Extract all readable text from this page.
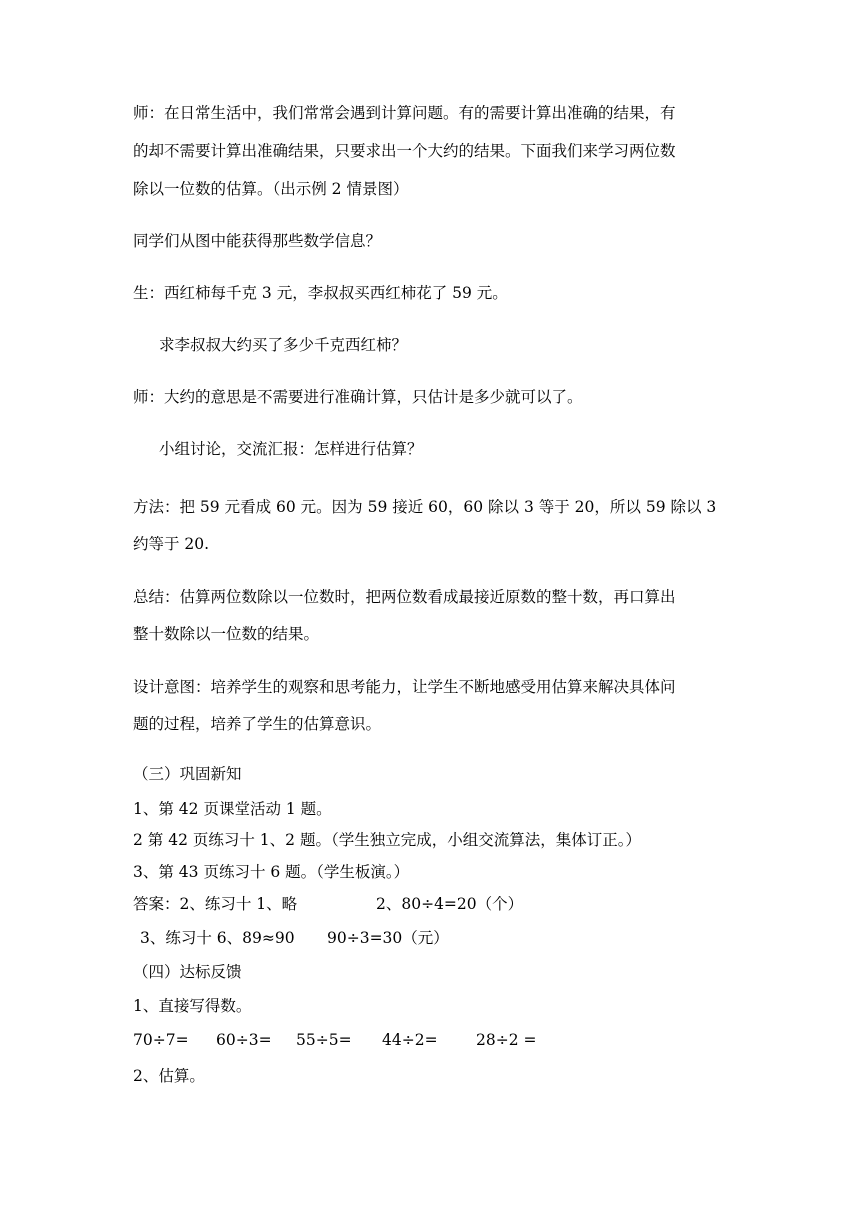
师：在日常生活中，我们常常会遇到计算问题。有的需要计算出准确的结果，有
的却不需要计算出准确结果，只要求出一个大约的结果。下面我们来学习两位数
除以一位数的估算。（出示例 2 情景图）
同学们从图中能获得那些数学信息？
生：西红柿每千克 3 元，李叔叔买西红柿花了 59 元。
求李叔叔大约买了多少千克西红柿？
师：大约的意思是不需要进行准确计算，只估计是多少就可以了。
小组讨论，交流汇报：怎样进行估算？
方法：把 59 元看成 60 元。因为 59 接近 60，60 除以 3 等于 20，所以 59 除以 3
约等于 20.
总结：估算两位数除以一位数时，把两位数看成最接近原数的整十数，再口算出
整十数除以一位数的结果。
设计意图：培养学生的观察和思考能力，让学生不断地感受用估算来解决具体问
题的过程，培养了学生的估算意识。
（三）巩固新知
1、第 42 页课堂活动 1 题。
2 第 42 页练习十 1、2 题。（学生独立完成，小组交流算法，集体订正。）
3、第 43 页练习十 6 题。（学生板演。）
答案：2、练习十 1、略	2、80÷4=20（个）
3、练习十 6、89≈90 90÷3=30（元）
（四）达标反馈
1、直接写得数。
70÷7= 60÷3= 55÷5= 44÷2= 28÷2 =
2、估算。
